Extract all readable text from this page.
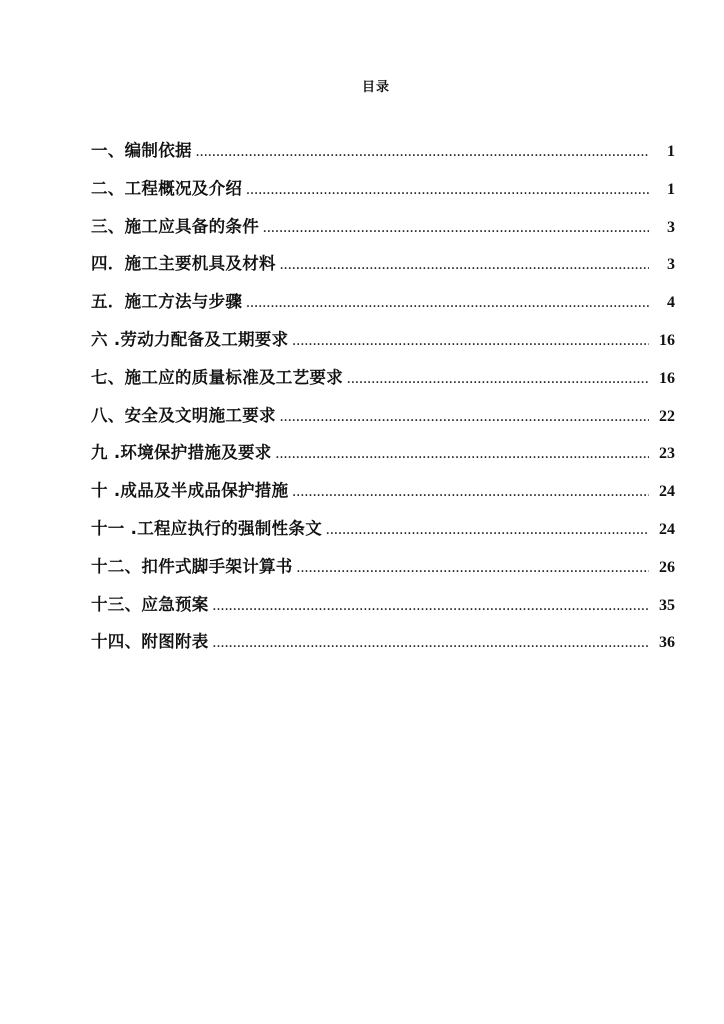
目录
一、编制依据 .....	1
二、工程概况及介绍 .....	1
三、施工应具备的条件 .....	3
四．施工主要机具及材料 .....	3
五．施工方法与步骤 .....	4
六 .劳动力配备及工期要求 .....	16
七、施工应的质量标准及工艺要求 .....	16
八、安全及文明施工要求 .....	22
九 .环境保护措施及要求 .....	23
十 .成品及半成品保护措施 .....	24
十一 .工程应执行的强制性条文 .....	24
十二、扣件式脚手架计算书 .....	26
十三、应急预案 .....	35
十四、附图附表 .....	36
